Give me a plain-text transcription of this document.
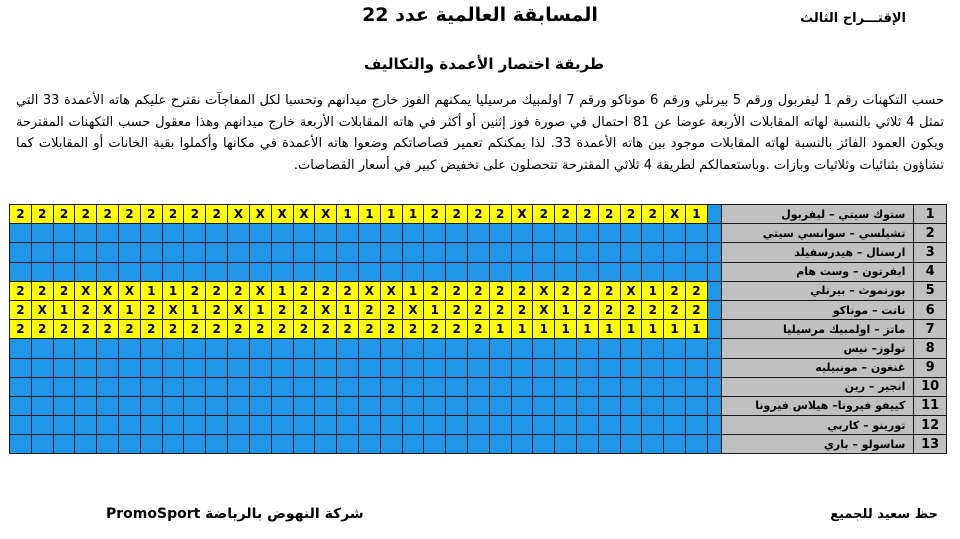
الإقتـــراح الثالث
المسابقة العالمية عدد 22
طريقة اختصار الأعمدة والتكاليف

حسب التكهنات رقم 1 ليفربول ورقم 5 بيرنلي ورقم 6 موناكو ورقم 7 اولمبيك مرسيليا يمكنهم الفوز خارج ميدانهم وتحسبا لكل المفاجآت نقترح عليكم هاته الأعمدة 33 التي تمثل 4 ثلاثي بالنسبة لهاته المقابلات الأربعة عوضا عن 81 احتمال في صورة فوز إثنين أو أكثر في هاته المقابلات الأربعة خارج ميدانهم وهذا معقول حسب التكهنات المقترحة ويكون العمود الفائز بالنسبة لهاته المقابلات موجود بين هاته الأعمدة 33. لذا يمكنكم تعمير قصاصاتكم وضعوا هاته الأعمدة في مكانها وأكملوا بقية الخانات أو المقابلات كما تشاؤون بثنائيات وثلاثيات وبازات .وباستعمالكم لطريقة 4 ثلاثي المقترحة تتحصلون على تخفيض كبير في أسعار القصاصات.

2	2	2	2	2	2	2	2	2	2	X	X	X	X	X	1	1	1	1	2	2	2	2	X	2	2	2	2	2	2	X	1		ستوك سيتي – ليفربول	1
																																	تشيلسي – سوانسي سيتي	2
																																	ارسنال – هيدرسفيلد	3
																																	ايفرتون – وست هام	4
2	2	2	X	X	X	1	1	2	2	2	X	1	2	2	2	X	X	1	2	2	2	2	2	X	2	2	2	X	1	2	2		بورنموث – بيرنلي	5
2	X	1	2	X	1	2	X	1	2	X	1	2	2	X	1	2	2	X	1	2	2	2	2	X	1	2	2	2	2	2	2		نانت – موناكو	6
2	2	2	2	2	2	2	2	2	2	2	2	2	2	2	2	2	2	2	2	2	2	1	1	1	1	1	1	1	1	1	1		ماتز – اولمبيك مرسيليا	7
																																	تولوز– نيس	8
																																	غنغون – مونبيليه	9
																																	انجير – رين	10
																																	كييفو فيرونا– هيلاس فيرونا	11
																																	تورينو – كاربي	12
																																	ساسولو – باري	13
شركة النهوض بالرياضة PromoSport	حظ سعيد للجميع
